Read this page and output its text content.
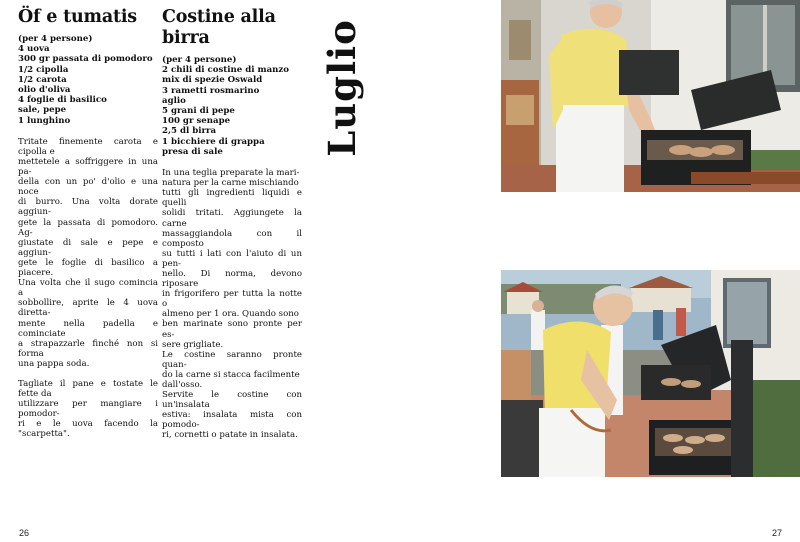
Öf e tumatis
(per 4 persone)
4 uova
300 gr passata di pomodoro
1/2 cipolla
1/2 carota
olio d'oliva
4 foglie di basilico
sale, pepe
1 lunghino
Tritate finemente carota e cipolla e
mettetele a soffriggere in una pa-
della con un po' d'olio e una noce
di burro. Una volta dorate aggiun-
gete la passata di pomodoro. Ag-
giustate di sale e pepe e aggiun-
gete le foglie di basilico a piacere.
Una volta che il sugo comincia a
sobbollire, aprite le 4 uova diretta-
mente nella padella e cominciate
a strapazzarle finché non si forma
una pappa soda.
Tagliate il pane e tostate le fette da
utilizzare per mangiare i pomodor-
ri e le uova facendo la "scarpetta".
Costine alla
birra
(per 4 persone)
2 chili di costine di manzo
mix di spezie Oswald
3 rametti rosmarino
aglio
5 grani di pepe
100 gr senape
2,5 dl birra
1 bicchiere di grappa
presa di sale
In una teglia preparate la mari-
natura per la carne mischiando
tutti gli ingredienti liquidi e quelli
solidi tritati. Aggiungete la carne
massaggiandola con il composto
su tutti i lati con l'aiuto di un pen-
nello. Di norma, devono riposare
in frigorifero per tutta la notte o
almeno per 1 ora. Quando sono
ben marinate sono pronte per es-
sere grigliate.
Le costine saranno pronte quan-
do la carne si stacca facilmente
dall'osso.
Servite le costine con un'insalata
estiva: insalata mista con pomodo-
ri, cornetti o patate in insalata.
26
Luglio
27
